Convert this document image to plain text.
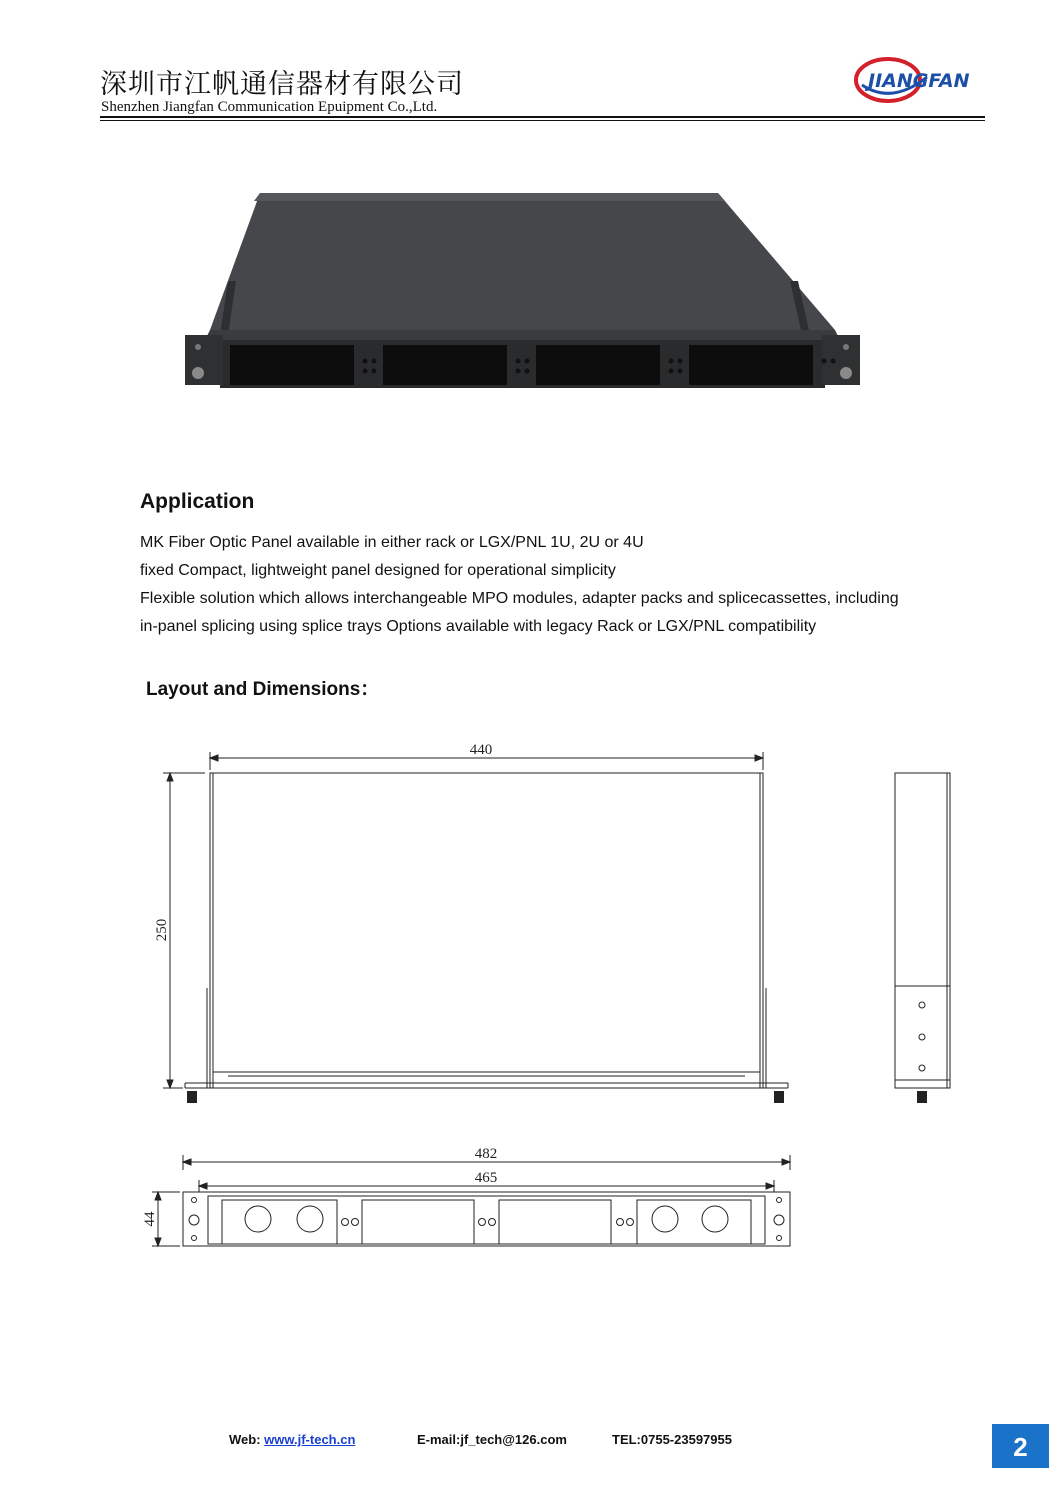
深圳市江帆通信器材有限公司
Shenzhen Jiangfan Communication Epuipment Co.,Ltd.
JIANGFAN
✦
Application
MK Fiber Optic Panel available in either rack or LGX/PNL 1U, 2U or 4U
fixed Compact, lightweight panel designed for operational simplicity
Flexible solution which allows interchangeable MPO modules, adapter packs and splicecassettes, including
in-panel splicing using splice trays Options available with legacy Rack or LGX/PNL compatibility
Layout and Dimensions：
440
250
482
465
44
Web: www.jf-tech.cn	E-mail:jf_tech@126.com	TEL:0755-23597955	2
